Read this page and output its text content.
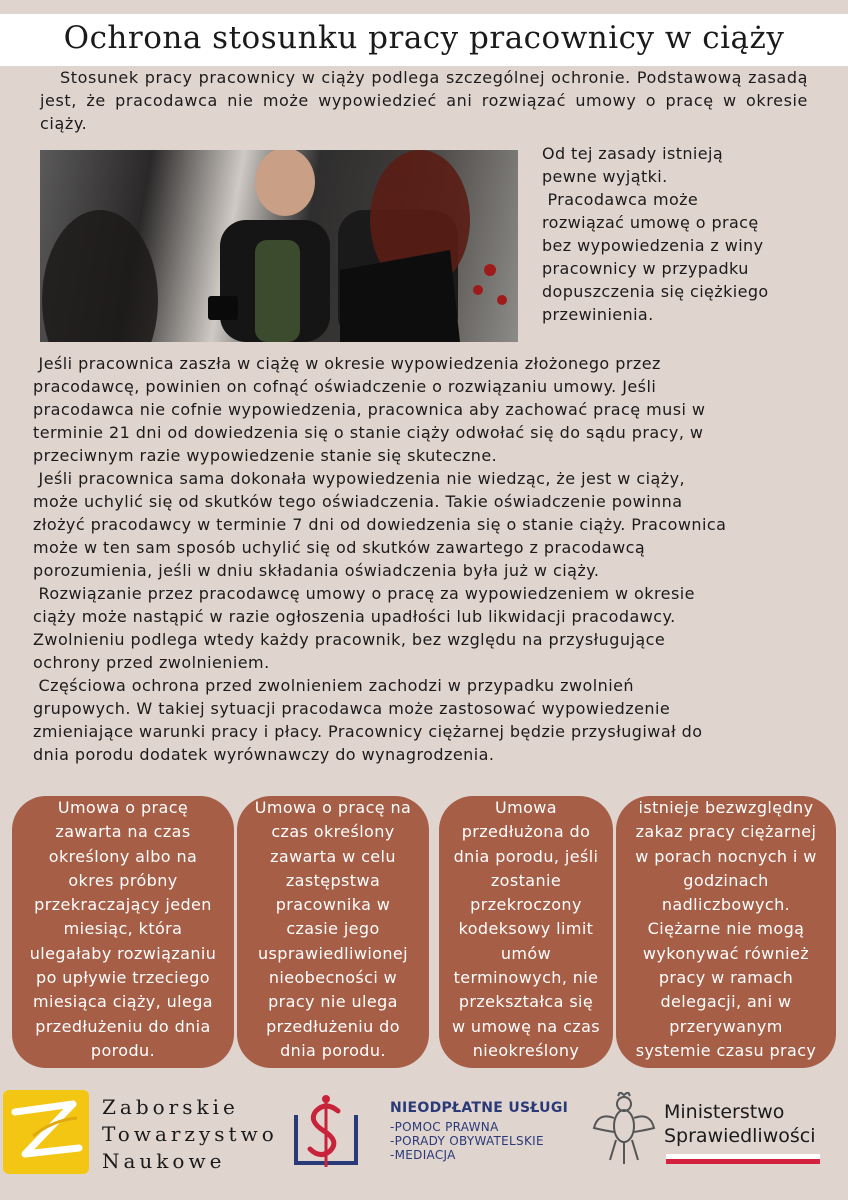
Ochrona stosunku pracy pracownicy w ciąży

Stosunek pracy pracownicy w ciąży podlega szczególnej ochronie. Podstawową zasadą jest, że pracodawca nie może wypowiedzieć ani rozwiązać umowy o pracę w okresie ciąży.

Od tej zasady istnieją

pewne wyjątki.

Pracodawca może

rozwiązać umowę o pracę

bez wypowiedzenia z winy

pracownicy w przypadku

dopuszczenia się ciężkiego

przewinienia.

Jeśli pracownica zaszła w ciążę w okresie wypowiedzenia złożonego przez

pracodawcę, powinien on cofnąć oświadczenie o rozwiązaniu umowy. Jeśli

pracodawca nie cofnie wypowiedzenia, pracownica aby zachować pracę musi w

terminie 21 dni od dowiedzenia się o stanie ciąży odwołać się do sądu pracy, w

przeciwnym razie wypowiedzenie stanie się skuteczne.

Jeśli pracownica sama dokonała wypowiedzenia nie wiedząc, że jest w ciąży,

może uchylić się od skutków tego oświadczenia. Takie oświadczenie powinna

złożyć pracodawcy w terminie 7 dni od dowiedzenia się o stanie ciąży. Pracownica

może w ten sam sposób uchylić się od skutków zawartego z pracodawcą

porozumienia, jeśli w dniu składania oświadczenia była już w ciąży.

Rozwiązanie przez pracodawcę umowy o pracę za wypowiedzeniem w okresie

ciąży może nastąpić w razie ogłoszenia upadłości lub likwidacji pracodawcy.

Zwolnieniu podlega wtedy każdy pracownik, bez względu na przysługujące

ochrony przed zwolnieniem.

Częściowa ochrona przed zwolnieniem zachodzi w przypadku zwolnień

grupowych. W takiej sytuacji pracodawca może zastosować wypowiedzenie

zmieniające warunki pracy i płacy. Pracownicy ciężarnej będzie przysługiwał do

dnia porodu dodatek wyrównawczy do wynagrodzenia.

Umowa o pracę
zawarta na czas
określony albo na
okres próbny
przekraczający jeden
miesiąc, która
ulegałaby rozwiązaniu
po upływie trzeciego
miesiąca ciąży, ulega
przedłużeniu do dnia
porodu.
Umowa o pracę na
czas określony
zawarta w celu
zastępstwa
pracownika w
czasie jego
usprawiedliwionej
nieobecności w
pracy nie ulega
przedłużeniu do
dnia porodu.
Umowa
przedłużona do
dnia porodu, jeśli
zostanie
przekroczony
kodeksowy limit
umów
terminowych, nie
przekształca się
w umowę na czas
nieokreślony
istnieje bezwzględny
zakaz pracy ciężarnej
w porach nocnych i w
godzinach
nadliczbowych.
Ciężarne nie mogą
wykonywać również
pracy w ramach
delegacji, ani w
przerywanym
systemie czasu pracy
Zaborskie
Towarzystwo
Naukowe
NIEODPŁATNE USŁUGI
-POMOC PRAWNA
-PORADY OBYWATELSKIE
-MEDIACJA
Ministerstwo
Sprawiedliwości
